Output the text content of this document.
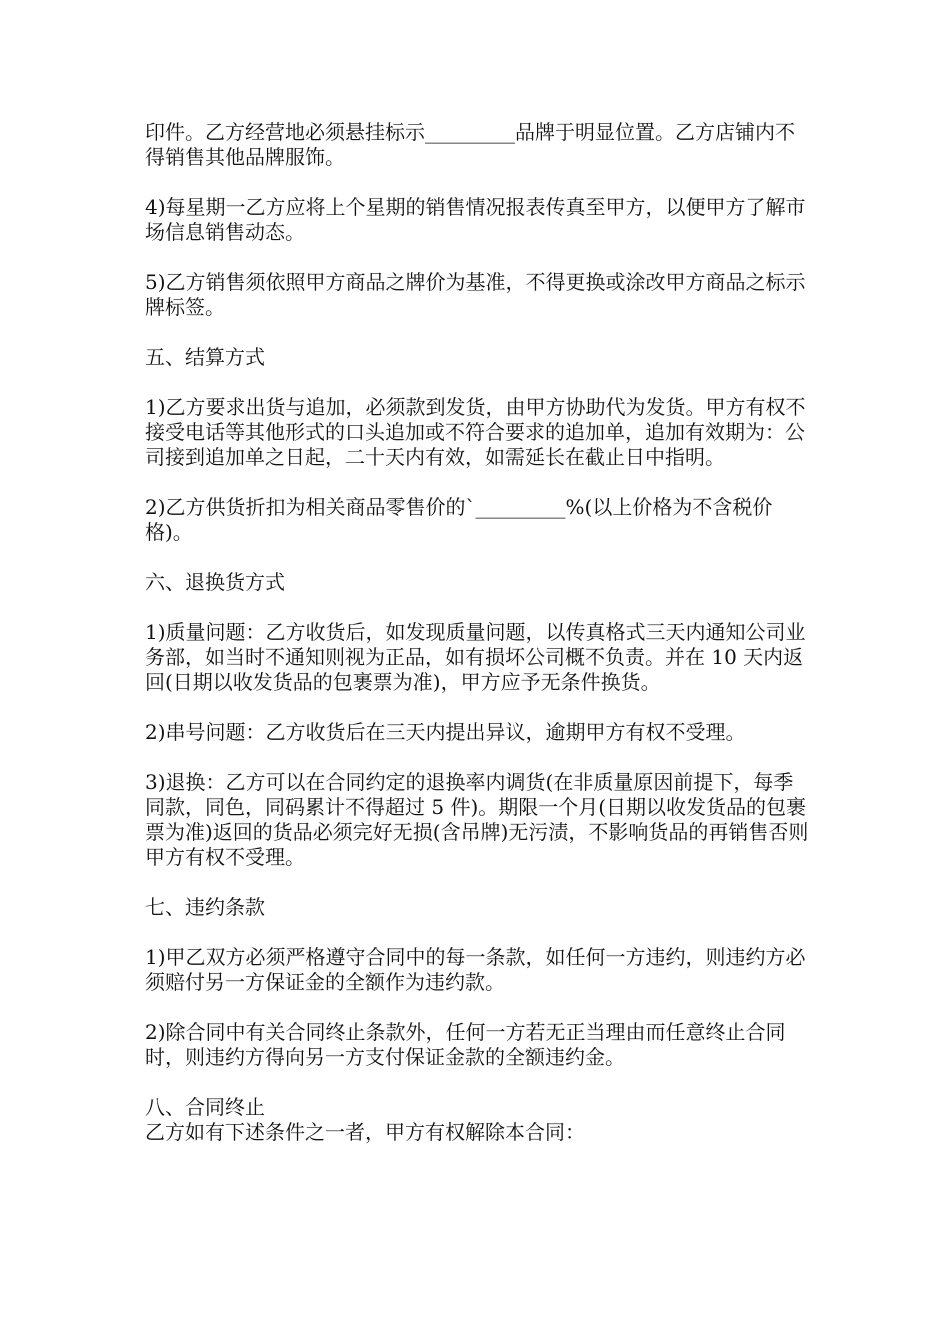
印件。乙方经营地必须悬挂标示_________品牌于明显位置。乙方店铺内不得销售其他品牌服饰。

4)每星期一乙方应将上个星期的销售情况报表传真至甲方，以便甲方了解市场信息销售动态。

5)乙方销售须依照甲方商品之牌价为基准，不得更换或涂改甲方商品之标示牌标签。

五、结算方式

1)乙方要求出货与追加，必须款到发货，由甲方协助代为发货。甲方有权不接受电话等其他形式的口头追加或不符合要求的追加单，追加有效期为：公司接到追加单之日起，二十天内有效，如需延长在截止日中指明。

2)乙方供货折扣为相关商品零售价的`_________%(以上价格为不含税价格)。

六、退换货方式

1)质量问题：乙方收货后，如发现质量问题，以传真格式三天内通知公司业务部，如当时不通知则视为正品，如有损坏公司概不负责。并在 10 天内返回(日期以收发货品的包裹票为准)，甲方应予无条件换货。

2)串号问题：乙方收货后在三天内提出异议，逾期甲方有权不受理。

3)退换：乙方可以在合同约定的退换率内调货(在非质量原因前提下，每季同款，同色，同码累计不得超过 5 件)。期限一个月(日期以收发货品的包裹票为准)返回的货品必须完好无损(含吊牌)无污渍，不影响货品的再销售否则甲方有权不受理。

七、违约条款

1)甲乙双方必须严格遵守合同中的每一条款，如任何一方违约，则违约方必须赔付另一方保证金的全额作为违约款。

2)除合同中有关合同终止条款外，任何一方若无正当理由而任意终止合同时，则违约方得向另一方支付保证金款的全额违约金。

八、合同终止

乙方如有下述条件之一者，甲方有权解除本合同：
